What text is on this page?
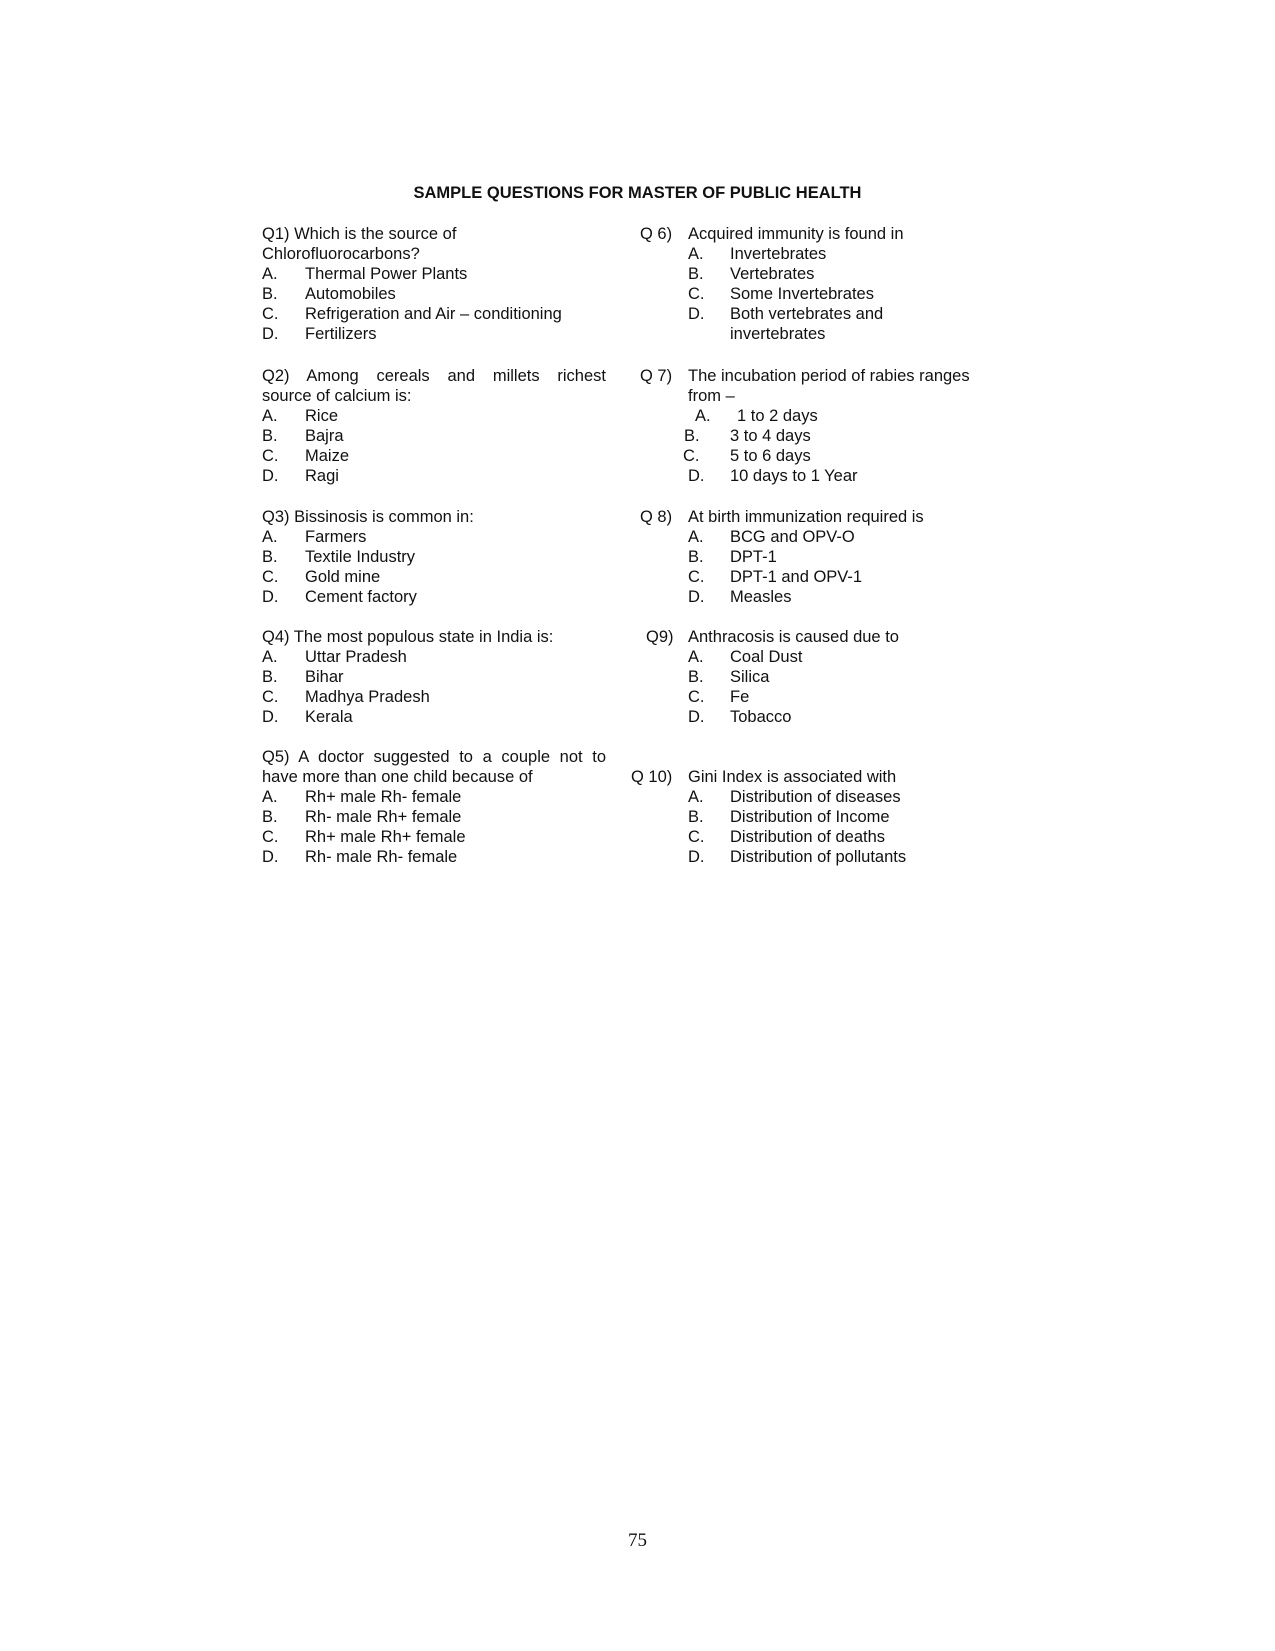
SAMPLE QUESTIONS FOR MASTER OF PUBLIC HEALTH
Q1) Which is the source of
Chlorofluorocarbons?
A.	Thermal Power Plants
B.	Automobiles
C.	Refrigeration and Air – conditioning
D.	Fertilizers
Q2) Among cereals and millets richest
source of calcium is:
A.	Rice
B.	Bajra
C.	Maize
D.	Ragi
Q3) Bissinosis is common in:
A.	Farmers
B.	Textile Industry
C.	Gold mine
D.	Cement factory
Q4) The most populous state in India is:
A.	Uttar Pradesh
B.	Bihar
C.	Madhya Pradesh
D.	Kerala
Q5) A doctor suggested to a couple not to
have more than one child because of
A.	Rh+ male Rh- female
B.	Rh- male Rh+ female
C.	Rh+ male Rh+ female
D.	Rh- male Rh- female
Q 6) Acquired immunity is found in
A.	Invertebrates
B.	Vertebrates
C.	Some Invertebrates
D.	Both vertebrates and
invertebrates
Q 7) The incubation period of rabies ranges
from –
A.	1 to 2 days
B.	3 to 4 days
C.	5 to 6 days
D.	10 days to 1 Year
Q 8) At birth immunization required is
A.	BCG and OPV-O
B.	DPT-1
C.	DPT-1 and OPV-1
D.	Measles
Q9) Anthracosis is caused due to
A.	Coal Dust
B.	Silica
C.	Fe
D.	Tobacco
Q 10) Gini Index is associated with
A.	Distribution of diseases
B.	Distribution of Income
C.	Distribution of deaths
D.	Distribution of pollutants
75
